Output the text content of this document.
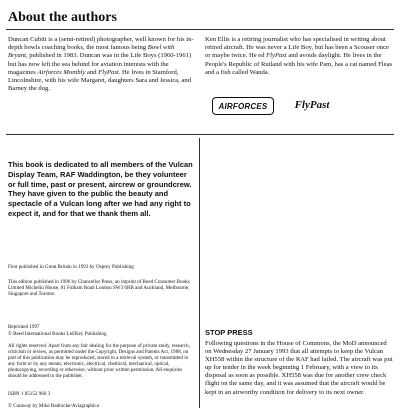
About the authors

Duncan Cubitt is a (semi-retired) photographer, well known for his in-depth bowls coaching books, the most famous being Bowl with Bryant, published in 1983. Duncan was in the Life Boys (1960-1961) but has now left the sea behind for aviation interests with the magazines Airforces Monthly and FlyPast. He lives in Stamford, Lincolnshire, with his wife Margaret, daughters Sara and Jessica, and Barney the dog.

Ken Ellis is a retiring journalist who has specialised in writing about retired aircraft. He was never a Life Boy, but has been a Scouser once or maybe twice. He ed FlyPast and avoids daylight. He lives in the People's Republic of Rutland with his wife Pam, has a cat named Fleas and a fish called Wanda.

AIRFORCES FlyPast

This book is dedicated to all members of the Vulcan Display Team, RAF Waddington, be they volunteer or full time, past or present, aircrew or groundcrew. They have given to the public the beauty and spectacle of a Vulcan long after we had any right to expect it, and for that we thank them all.

First published in Great Britain in 1993 by Osprey Publishing

This edition published in 1996 by Chancellor Press, an imprint of Reed Consumer Books Limited Michelin House, 81 Fulham Road London SW3 6RB and Auckland, Melbourne, Singapore and Toronto

Reprinted 1997

© Reed International Books Ltd/Key Publishing

All rights reserved. Apart from any fair dealing for the purpose of private study, research, criticism or review, as permitted under the Copyright, Designs and Patents Act, 1988, no part of this publication may be reproduced, stored in a retrieval system, or transmitted in any form or by any means, electronic, electrical, chemical, mechanical, optical, photocopying, recording or otherwise, without prior written permission. All enquiries should be addressed to the publisher.

ISBN 1 85152 960 3

© Cutaway by Mike Badrocke/Aviagraphica

STOP PRESS

Following questions in the House of Commons, the MoD announced on Wednesday 27 January 1993 that all attempts to keep the Vulcan XH558 within the structure of the RAF had failed. The aircraft was put up for tender in the week beginning 1 February, with a view to its disposal as soon as possible. XH558 was due for another crew check flight on the same day, and it was assumed that the aircraft would be kept in an airworthy condition for delivery to its next owner.
